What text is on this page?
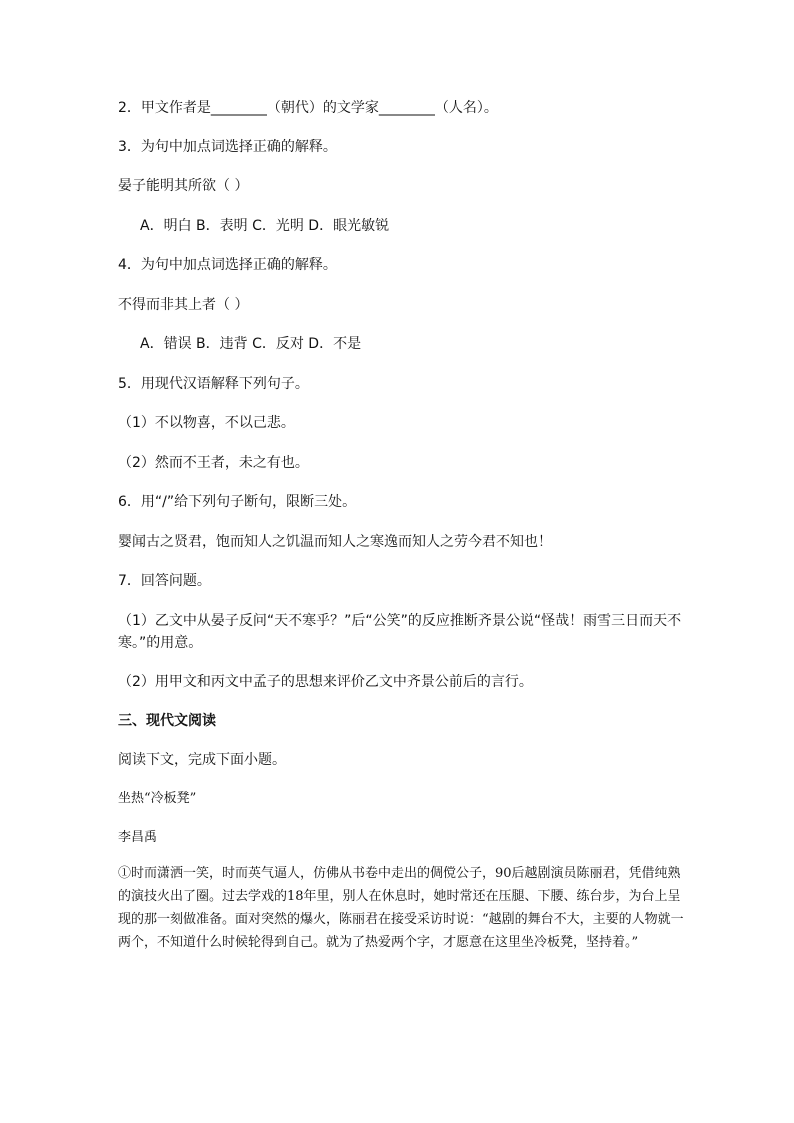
2．甲文作者是________（朝代）的文学家________（人名）。
3．为句中加点词选择正确的解释。
晏子能明其所欲（ ）
A．明白 B．表明 C．光明 D．眼光敏锐
4．为句中加点词选择正确的解释。
不得而非其上者（ ）
A．错误 B．违背 C．反对 D．不是
5．用现代汉语解释下列句子。
（1）不以物喜，不以己悲。
（2）然而不王者，未之有也。
6．用“/”给下列句子断句，限断三处。
婴闻古之贤君，饱而知人之饥温而知人之寒逸而知人之劳今君不知也！
7．回答问题。
（1）乙文中从晏子反问“天不寒乎？”后“公笑”的反应推断齐景公说“怪哉！雨雪三日而天不寒。”的用意。
（2）用甲文和丙文中孟子的思想来评价乙文中齐景公前后的言行。
三、现代文阅读
阅读下文，完成下面小题。
坐热“冷板凳”
李昌禹
①时而潇洒一笑，时而英气逼人，仿佛从书卷中走出的倜傥公子，90后越剧演员陈丽君，凭借纯熟的演技火出了圈。过去学戏的18年里，别人在休息时，她时常还在压腿、下腰、练台步，为台上呈现的那一刻做准备。面对突然的爆火，陈丽君在接受采访时说：“越剧的舞台不大，主要的人物就一两个，不知道什么时候轮得到自己。就为了热爱两个字，才愿意在这里坐冷板凳，坚持着。”
